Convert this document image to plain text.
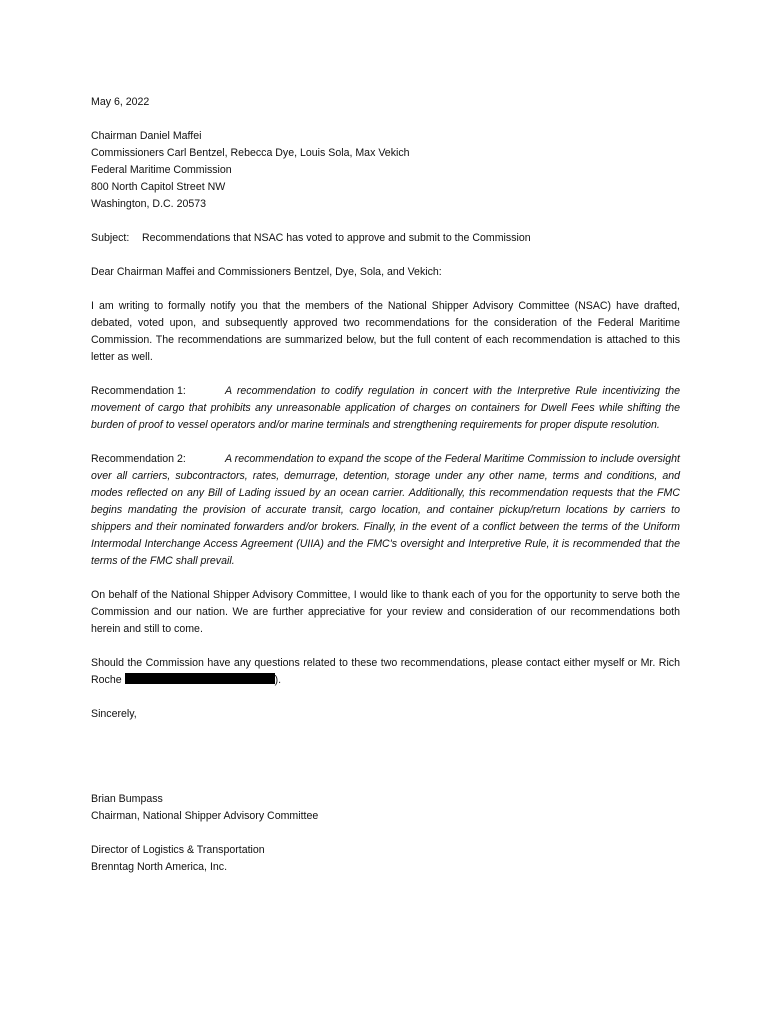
May 6, 2022
Chairman Daniel Maffei
Commissioners Carl Bentzel, Rebecca Dye, Louis Sola, Max Vekich
Federal Maritime Commission
800 North Capitol Street NW
Washington, D.C. 20573
Subject: Recommendations that NSAC has voted to approve and submit to the Commission
Dear Chairman Maffei and Commissioners Bentzel, Dye, Sola, and Vekich:

I am writing to formally notify you that the members of the National Shipper Advisory Committee (NSAC) have drafted, debated, voted upon, and subsequently approved two recommendations for the consideration of the Federal Maritime Commission. The recommendations are summarized below, but the full content of each recommendation is attached to this letter as well.

Recommendation 1:	A recommendation to codify regulation in concert with the Interpretive Rule incentivizing the movement of cargo that prohibits any unreasonable application of charges on containers for Dwell Fees while shifting the burden of proof to vessel operators and/or marine terminals and strengthening requirements for proper dispute resolution.

Recommendation 2:	A recommendation to expand the scope of the Federal Maritime Commission to include oversight over all carriers, subcontractors, rates, demurrage, detention, storage under any other name, terms and conditions, and modes reflected on any Bill of Lading issued by an ocean carrier. Additionally, this recommendation requests that the FMC begins mandating the provision of accurate transit, cargo location, and container pickup/return locations by carriers to shippers and their nominated forwarders and/or brokers. Finally, in the event of a conflict between the terms of the Uniform Intermodal Interchange Access Agreement (UIIA) and the FMC's oversight and Interpretive Rule, it is recommended that the terms of the FMC shall prevail.

On behalf of the National Shipper Advisory Committee, I would like to thank each of you for the opportunity to serve both the Commission and our nation. We are further appreciative for your review and consideration of our recommendations both herein and still to come.

Should the Commission have any questions related to these two recommendations, please contact either myself or Mr. Rich Roche	).

Sincerely,
Brian Bumpass
Chairman, National Shipper Advisory Committee
Director of Logistics & Transportation
Brenntag North America, Inc.
